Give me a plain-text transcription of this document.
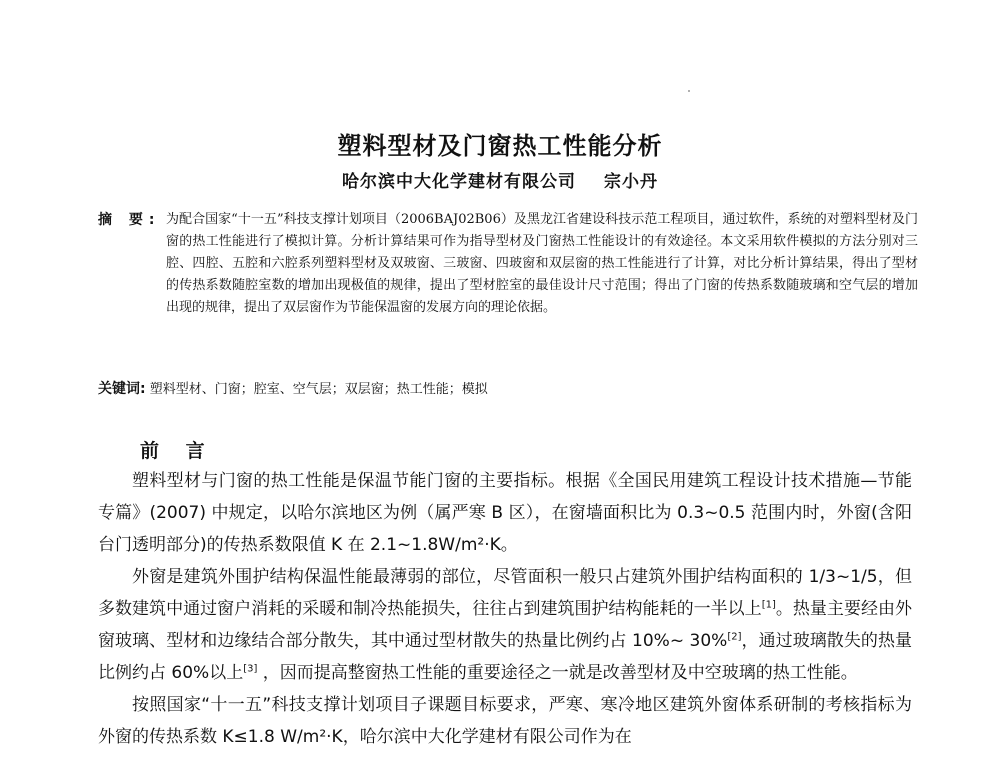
塑料型材及门窗热工性能分析
哈尔滨中大化学建材有限公司 宗小丹
摘 要: 为配合国家“十一五”科技支撑计划项目（2006BAJ02B06）及黑龙江省建设科技示范工程项目，通过软件，系统的对塑料型材及门窗的热工性能进行了模拟计算。分析计算结果可作为指导型材及门窗热工性能设计的有效途径。本文采用软件模拟的方法分别对三腔、四腔、五腔和六腔系列塑料型材及双玻窗、三玻窗、四玻窗和双层窗的热工性能进行了计算，对比分析计算结果，得出了型材的传热系数随腔室数的增加出现极值的规律，提出了型材腔室的最佳设计尺寸范围；得出了门窗的传热系数随玻璃和空气层的增加出现的规律，提出了双层窗作为节能保温窗的发展方向的理论依据。
关键词: 塑料型材、门窗；腔室、空气层；双层窗；热工性能；模拟
前 言

塑料型材与门窗的热工性能是保温节能门窗的主要指标。根据《全国民用建筑工程设计技术措施—节能专篇》(2007) 中规定，以哈尔滨地区为例（属严寒 B 区），在窗墙面积比为 0.3~0.5 范围内时，外窗(含阳台门透明部分)的传热系数限值 K 在 2.1~1.8W/m²·K。

外窗是建筑外围护结构保温性能最薄弱的部位，尽管面积一般只占建筑外围护结构面积的 1/3~1/5，但多数建筑中通过窗户消耗的采暖和制冷热能损失，往往占到建筑围护结构能耗的一半以上[1]。热量主要经由外窗玻璃、型材和边缘结合部分散失，其中通过型材散失的热量比例约占 10%~ 30%[2]，通过玻璃散失的热量比例约占 60%以上[3] ，因而提高整窗热工性能的重要途径之一就是改善型材及中空玻璃的热工性能。

按照国家“十一五”科技支撑计划项目子课题目标要求，严寒、寒冷地区建筑外窗体系研制的考核指标为外窗的传热系数 K≤1.8 W/m²·K，哈尔滨中大化学建材有限公司作为在
